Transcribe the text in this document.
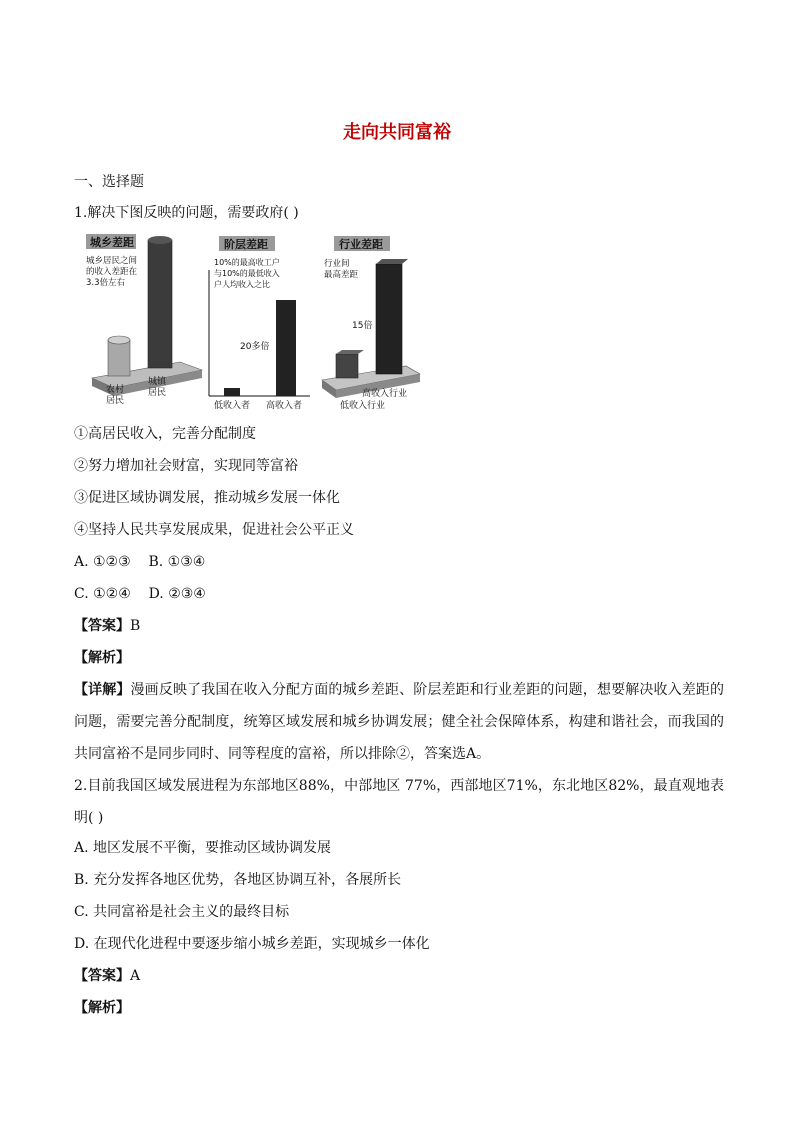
走向共同富裕
一、选择题
1.解决下图反映的问题，需要政府( )
城乡差距
城乡居民之间
的收入差距在
3.3倍左右
农村
居民
城镇
居民
阶层差距
10%的最高收工户
与10%的最低收入
户人均收入之比
20多倍
低收入者 高收入者
行业差距
行业间
最高差距
15倍
高收入行业
低收入行业
①高居民收入，完善分配制度
②努力增加社会财富，实现同等富裕
③促进区域协调发展，推动城乡发展一体化
④坚持人民共享发展成果，促进社会公平正义
A. ①②③    B. ①③④
C. ①②④    D. ②③④
【答案】B
【解析】
【详解】漫画反映了我国在收入分配方面的城乡差距、阶层差距和行业差距的问题，想要解决收入差距的问题，需要完善分配制度，统筹区域发展和城乡协调发展；健全社会保障体系，构建和谐社会，而我国的共同富裕不是同步同时、同等程度的富裕，所以排除②，答案选A。
2.目前我国区域发展进程为东部地区88%，中部地区 77%，西部地区71%，东北地区82%，最直观地表明( )
A. 地区发展不平衡，要推动区域协调发展
B. 充分发挥各地区优势，各地区协调互补，各展所长
C. 共同富裕是社会主义的最终目标
D. 在现代化进程中要逐步缩小城乡差距，实现城乡一体化
【答案】A
【解析】
